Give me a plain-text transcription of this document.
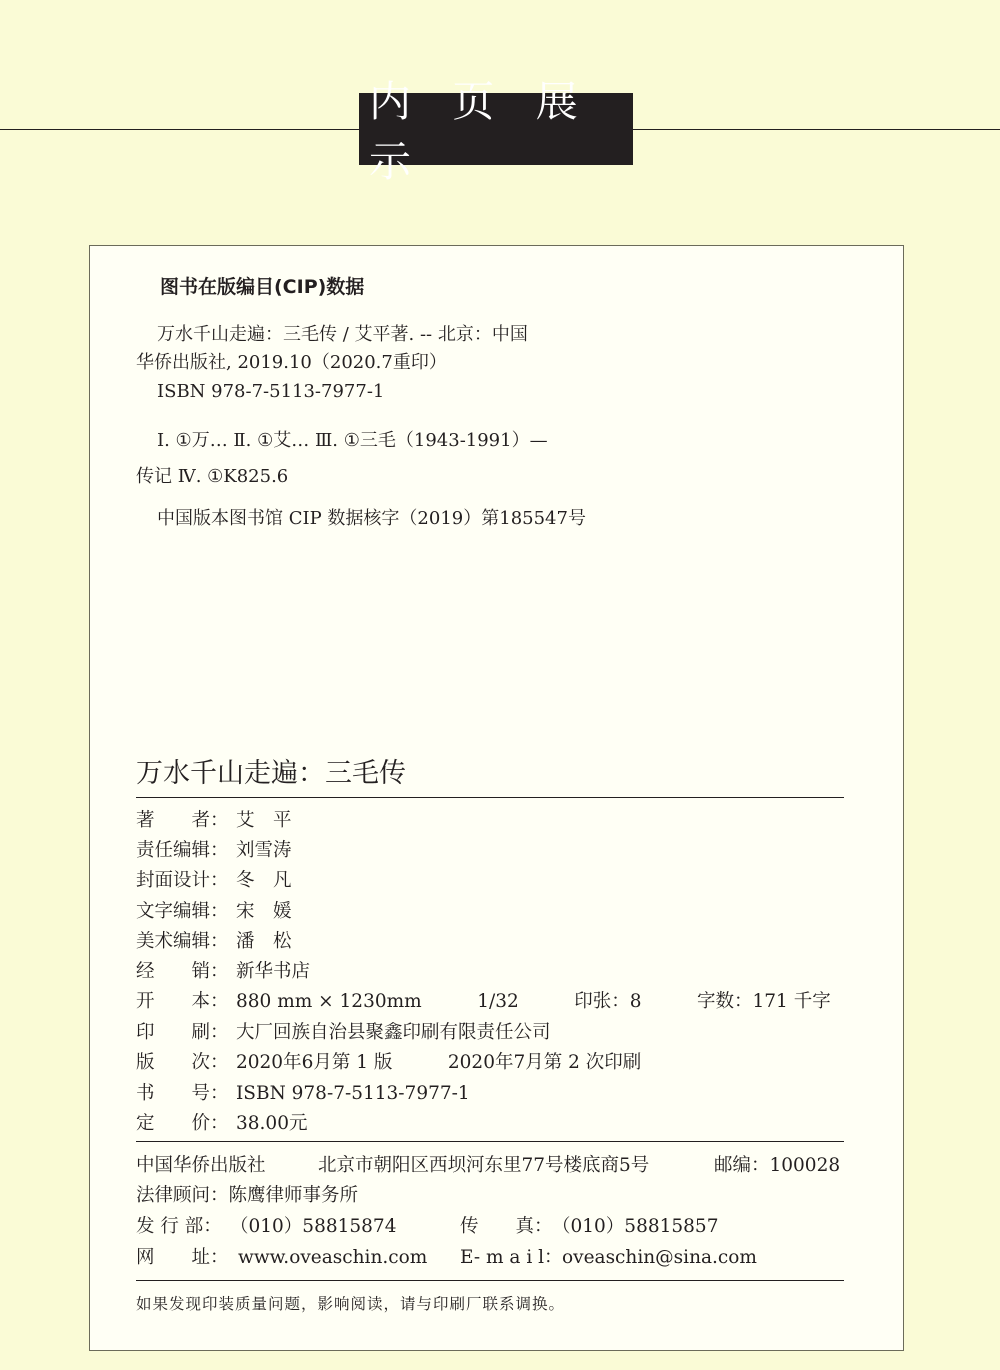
内 页 展 示
图书在版编目(CIP)数据
万水千山走遍：三毛传 / 艾平著. -- 北京：中国
华侨出版社, 2019.10（2020.7重印）
ISBN 978-7-5113-7977-1
Ⅰ. ①万… Ⅱ. ①艾… Ⅲ. ①三毛（1943-1991）—
传记 Ⅳ. ①K825.6
中国版本图书馆 CIP 数据核字（2019）第185547号
万水千山走遍：三毛传
著　　者： 艾　平
责任编辑： 刘雪涛
封面设计： 冬　凡
文字编辑： 宋　媛
美术编辑： 潘　松
经　　销： 新华书店
开　　本： 880 mm × 1230mm　　　1/32　　　印张：8　　　字数：171 千字
印　　刷： 大厂回族自治县聚鑫印刷有限责任公司
版　　次： 2020年6月第 1 版　　　2020年7月第 2 次印刷
书　　号： ISBN 978-7-5113-7977-1
定　　价： 38.00元
中国华侨出版社	北京市朝阳区西坝河东里77号楼底商5号	邮编：100028
法律顾问：陈鹰律师事务所
发 行 部： （010）58815874	传　　真： （010）58815857
网　　址： www.oveaschin.com E- m a i l： oveaschin@sina.com
如果发现印装质量问题，影响阅读，请与印刷厂联系调换。
